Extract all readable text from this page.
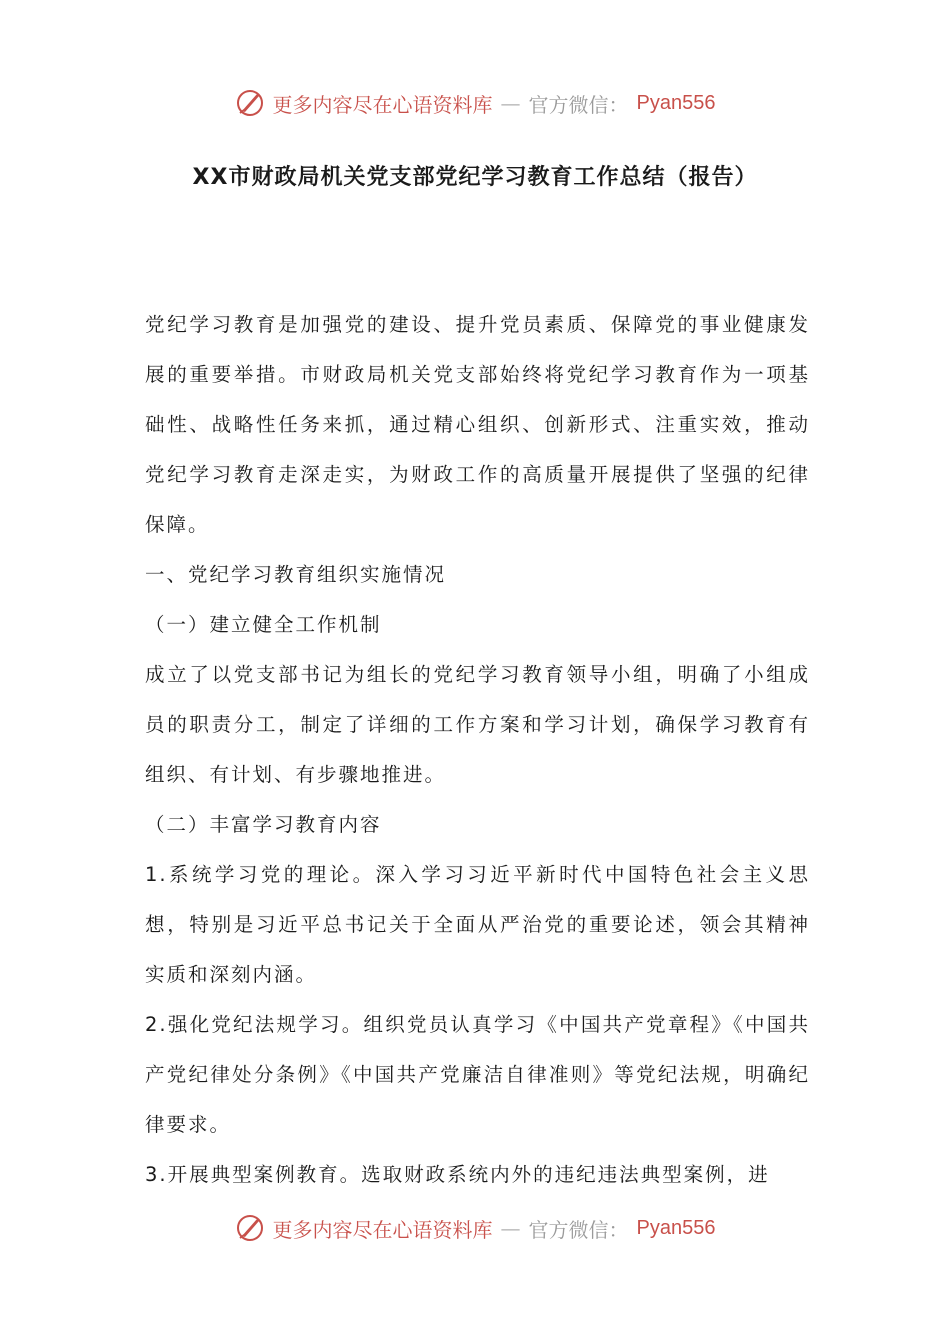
更多内容尽在心语资料库 — 官方微信： Pyan556
XX市财政局机关党支部党纪学习教育工作总结（报告）

党纪学习教育是加强党的建设、提升党员素质、保障党的事业健康发展的重要举措。市财政局机关党支部始终将党纪学习教育作为一项基础性、战略性任务来抓，通过精心组织、创新形式、注重实效，推动党纪学习教育走深走实，为财政工作的高质量开展提供了坚强的纪律保障。

一、党纪学习教育组织实施情况

（一）建立健全工作机制

成立了以党支部书记为组长的党纪学习教育领导小组，明确了小组成员的职责分工，制定了详细的工作方案和学习计划，确保学习教育有组织、有计划、有步骤地推进。

（二）丰富学习教育内容

1.系统学习党的理论。深入学习习近平新时代中国特色社会主义思想，特别是习近平总书记关于全面从严治党的重要论述，领会其精神实质和深刻内涵。

2.强化党纪法规学习。组织党员认真学习《中国共产党章程》《中国共产党纪律处分条例》《中国共产党廉洁自律准则》等党纪法规，明确纪律要求。

3.开展典型案例教育。选取财政系统内外的违纪违法典型案例，进

更多内容尽在心语资料库 — 官方微信： Pyan556
